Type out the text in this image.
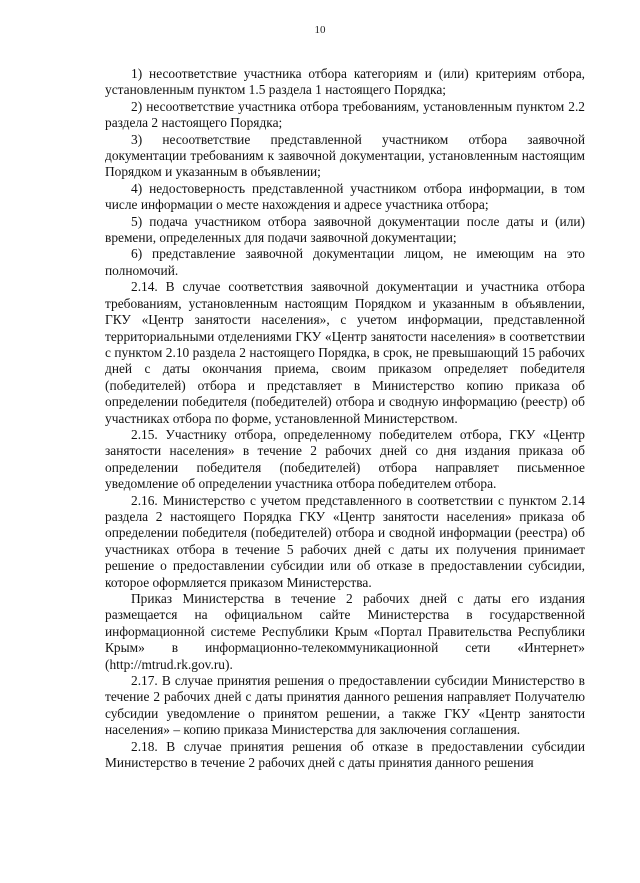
10

1) несоответствие участника отбора категориям и (или) критериям отбора, установленным пунктом 1.5 раздела 1 настоящего Порядка;

2) несоответствие участника отбора требованиям, установленным пунктом 2.2 раздела 2 настоящего Порядка;

3) несоответствие представленной участником отбора заявочной документации требованиям к заявочной документации, установленным настоящим Порядком и указанным в объявлении;

4) недостоверность представленной участником отбора информации, в том числе информации о месте нахождения и адресе участника отбора;

5) подача участником отбора заявочной документации после даты и (или) времени, определенных для подачи заявочной документации;

6) представление заявочной документации лицом, не имеющим на это полномочий.

2.14. В случае соответствия заявочной документации и участника отбора требованиям, установленным настоящим Порядком и указанным в объявлении, ГКУ «Центр занятости населения», с учетом информации, представленной территориальными отделениями ГКУ «Центр занятости населения» в соответствии с пунктом 2.10 раздела 2 настоящего Порядка, в срок, не превышающий 15 рабочих дней с даты окончания приема, своим приказом определяет победителя (победителей) отбора и представляет в Министерство копию приказа об определении победителя (победителей) отбора и сводную информацию (реестр) об участниках отбора по форме, установленной Министерством.

2.15. Участнику отбора, определенному победителем отбора, ГКУ «Центр занятости населения» в течение 2 рабочих дней со дня издания приказа об определении победителя (победителей) отбора направляет письменное уведомление об определении участника отбора победителем отбора.

2.16. Министерство с учетом представленного в соответствии с пунктом 2.14 раздела 2 настоящего Порядка ГКУ «Центр занятости населения» приказа об определении победителя (победителей) отбора и сводной информации (реестра) об участниках отбора в течение 5 рабочих дней с даты их получения принимает решение о предоставлении субсидии или об отказе в предоставлении субсидии, которое оформляется приказом Министерства.

Приказ Министерства в течение 2 рабочих дней с даты его издания размещается на официальном сайте Министерства в государственной информационной системе Республики Крым «Портал Правительства Республики Крым» в информационно-телекоммуникационной сети «Интернет» (http://mtrud.rk.gov.ru).

2.17. В случае принятия решения о предоставлении субсидии Министерство в течение 2 рабочих дней с даты принятия данного решения направляет Получателю субсидии уведомление о принятом решении, а также ГКУ «Центр занятости населения» – копию приказа Министерства для заключения соглашения.

2.18. В случае принятия решения об отказе в предоставлении субсидии Министерство в течение 2 рабочих дней с даты принятия данного решения
